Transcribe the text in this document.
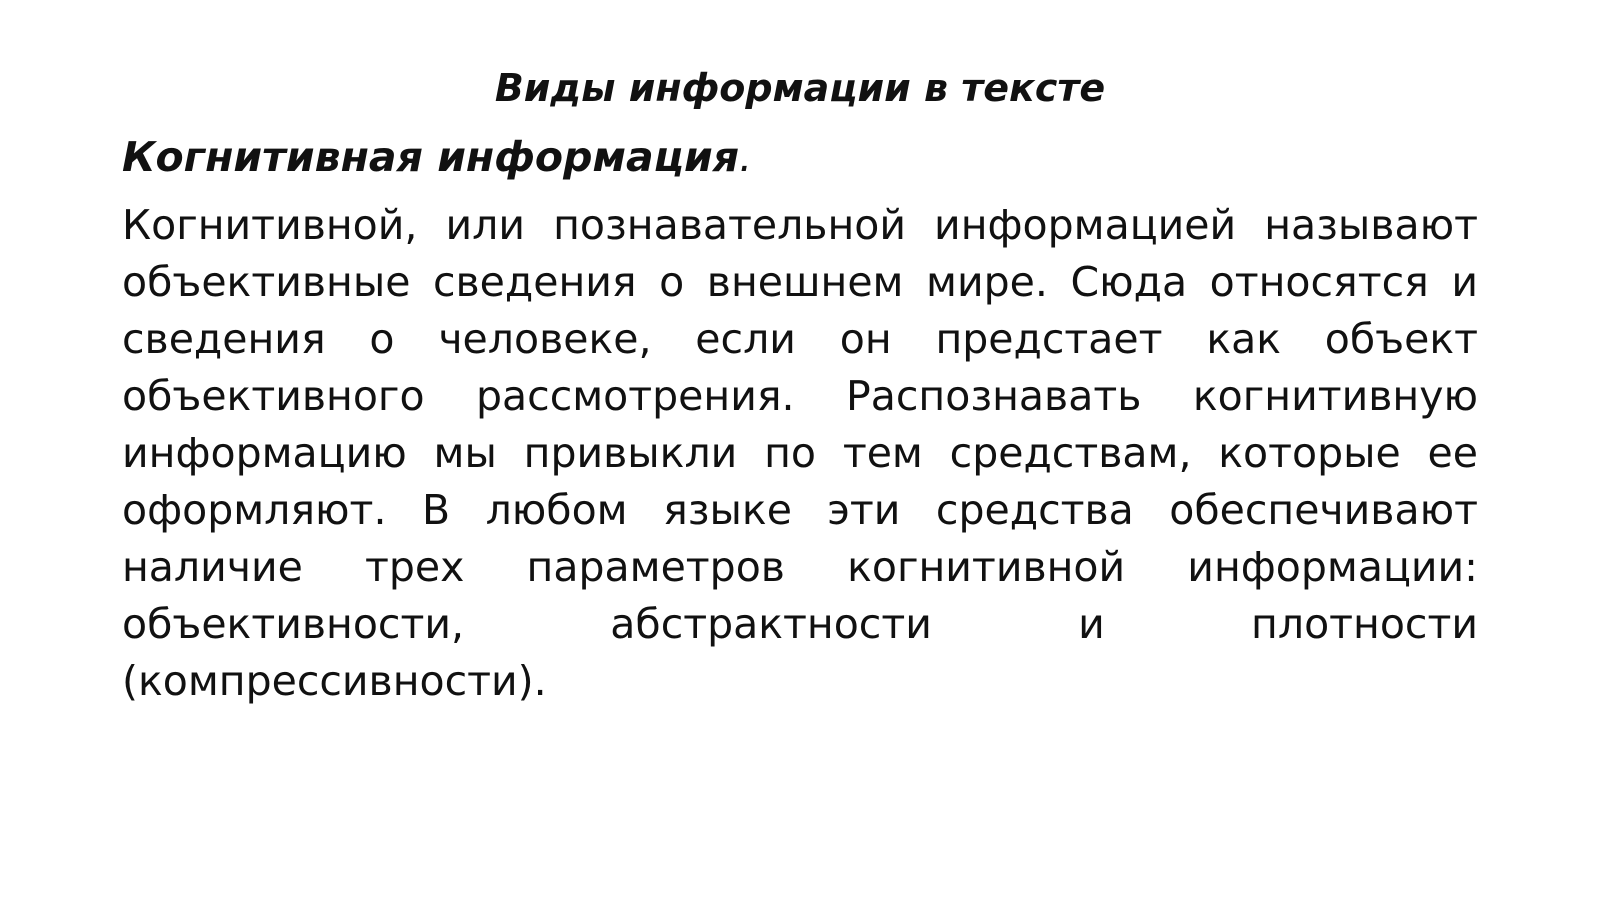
Виды информации в тексте

Когнитивная информация.

Когнитивной, или познавательной информацией называют объективные сведения о внешнем мире. Сюда относятся и сведения о человеке, если он предстает как объект объективного рассмотрения. Распознавать когнитивную информацию мы привыкли по тем средствам, которые ее оформляют. В любом языке эти средства обеспечивают наличие трех параметров когнитивной информации: объективности, абстрактности и плотности (компрессивности).
